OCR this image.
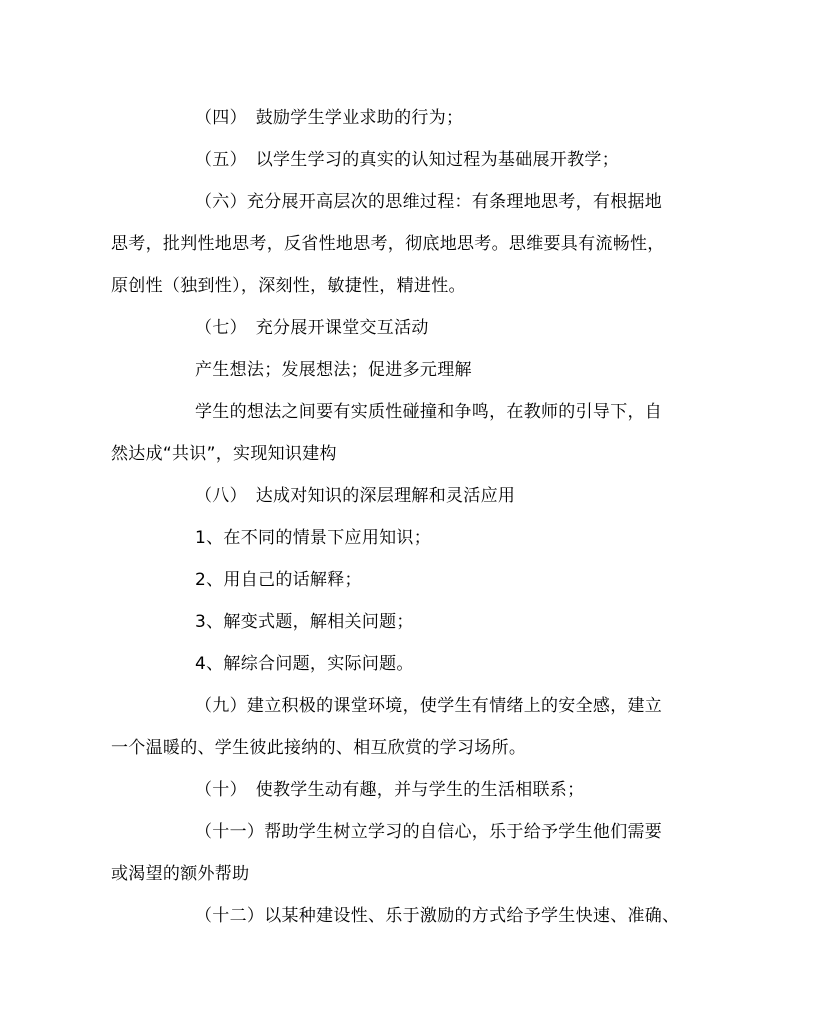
（四）　鼓励学生学业求助的行为；
（五）　以学生学习的真实的认知过程为基础展开教学；
（六）充分展开高层次的思维过程：有条理地思考，有根据地
思考，批判性地思考，反省性地思考，彻底地思考。思维要具有流畅性，
原创性（独到性），深刻性，敏捷性，精进性。
（七）　充分展开课堂交互活动
产生想法；发展想法；促进多元理解
学生的想法之间要有实质性碰撞和争鸣，在教师的引导下，自
然达成“共识”，实现知识建构
（八）　达成对知识的深层理解和灵活应用
1、在不同的情景下应用知识；
2、用自己的话解释；
3、解变式题，解相关问题；
4、解综合问题，实际问题。
（九）建立积极的课堂环境，使学生有情绪上的安全感，建立
一个温暖的、学生彼此接纳的、相互欣赏的学习场所。
（十）　使教学生动有趣，并与学生的生活相联系；
（十一）帮助学生树立学习的自信心，乐于给予学生他们需要
或渴望的额外帮助
（十二）以某种建设性、乐于激励的方式给予学生快速、准确、
